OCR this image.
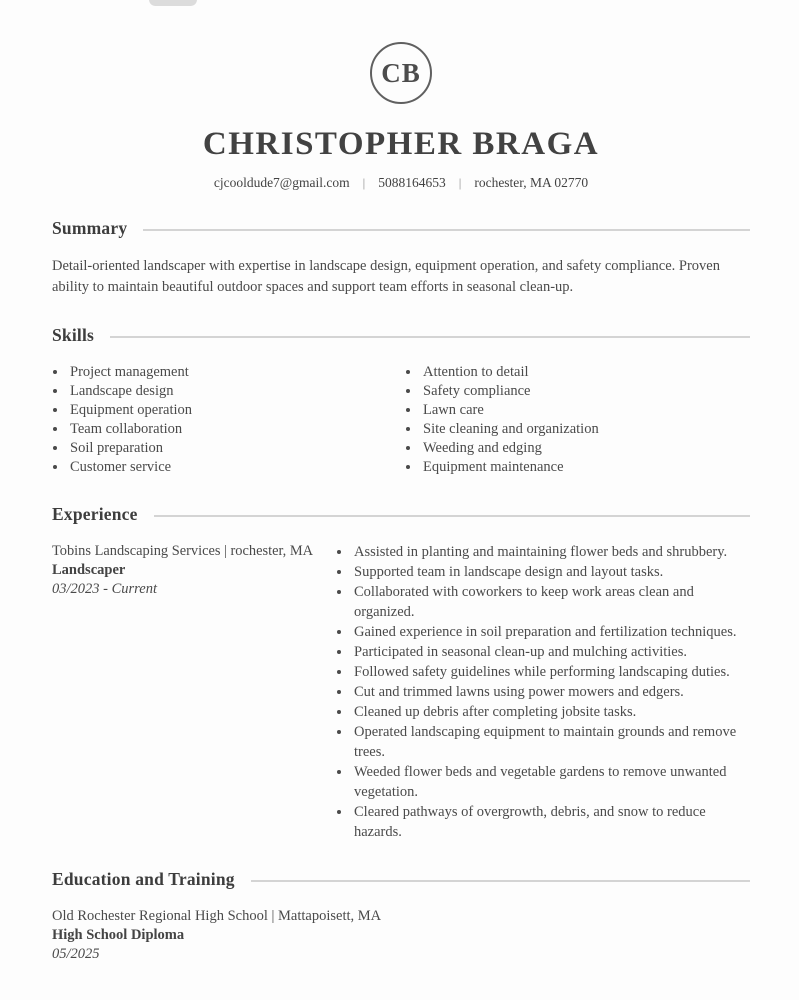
CB
CHRISTOPHER BRAGA
cjcooldude7@gmail.com | 5088164653 | rochester, MA 02770
Summary

Detail-oriented landscaper with expertise in landscape design, equipment operation, and safety compliance. Proven ability to maintain beautiful outdoor spaces and support team efforts in seasonal clean-up.

Skills
• Project management
• Landscape design
• Equipment operation
• Team collaboration
• Soil preparation
• Customer service
• Attention to detail
• Safety compliance
• Lawn care
• Site cleaning and organization
• Weeding and edging
• Equipment maintenance
Experience
Tobins Landscaping Services | rochester, MA
Landscaper
03/2023 - Current
• Assisted in planting and maintaining flower beds and shrubbery.
• Supported team in landscape design and layout tasks.
• Collaborated with coworkers to keep work areas clean and organized.
• Gained experience in soil preparation and fertilization techniques.
• Participated in seasonal clean-up and mulching activities.
• Followed safety guidelines while performing landscaping duties.
• Cut and trimmed lawns using power mowers and edgers.
• Cleaned up debris after completing jobsite tasks.
• Operated landscaping equipment to maintain grounds and remove trees.
• Weeded flower beds and vegetable gardens to remove unwanted vegetation.
• Cleared pathways of overgrowth, debris, and snow to reduce hazards.
Education and Training
Old Rochester Regional High School | Mattapoisett, MA
High School Diploma
05/2025
